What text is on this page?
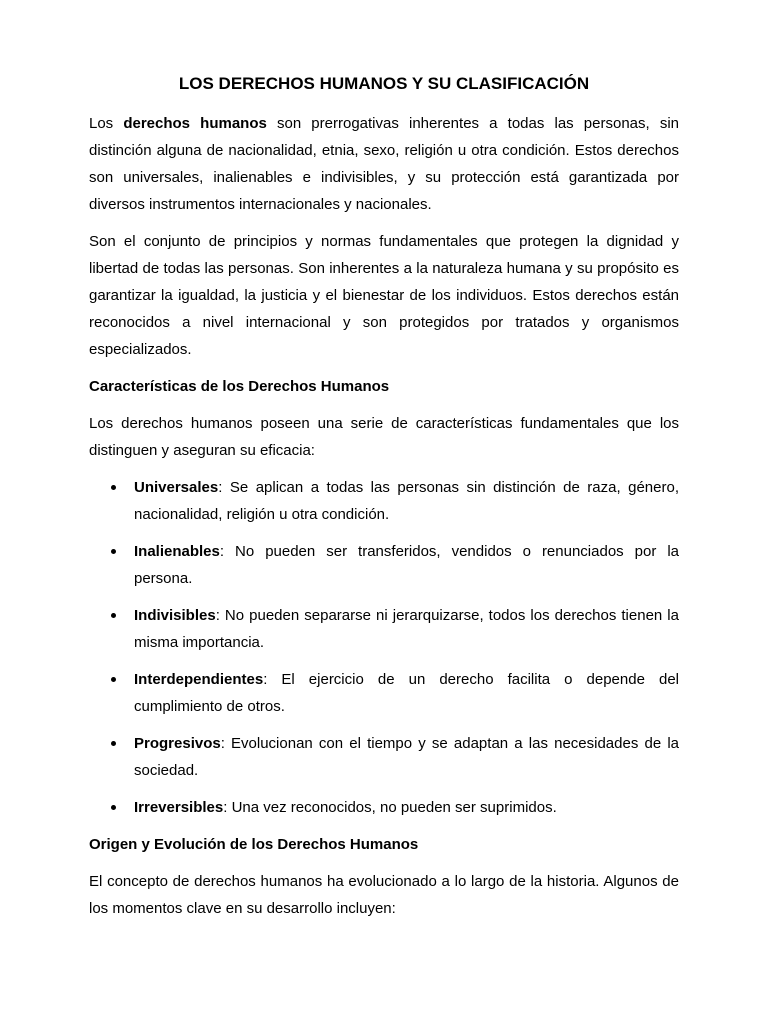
LOS DERECHOS HUMANOS Y SU CLASIFICACIÓN

Los derechos humanos son prerrogativas inherentes a todas las personas, sin distinción alguna de nacionalidad, etnia, sexo, religión u otra condición. Estos derechos son universales, inalienables e indivisibles, y su protección está garantizada por diversos instrumentos internacionales y nacionales.

Son el conjunto de principios y normas fundamentales que protegen la dignidad y libertad de todas las personas. Son inherentes a la naturaleza humana y su propósito es garantizar la igualdad, la justicia y el bienestar de los individuos. Estos derechos están reconocidos a nivel internacional y son protegidos por tratados y organismos especializados.

Características de los Derechos Humanos

Los derechos humanos poseen una serie de características fundamentales que los distinguen y aseguran su eficacia:

Universales: Se aplican a todas las personas sin distinción de raza, género, nacionalidad, religión u otra condición.
Inalienables: No pueden ser transferidos, vendidos o renunciados por la persona.
Indivisibles: No pueden separarse ni jerarquizarse, todos los derechos tienen la misma importancia.
Interdependientes: El ejercicio de un derecho facilita o depende del cumplimiento de otros.
Progresivos: Evolucionan con el tiempo y se adaptan a las necesidades de la sociedad.
Irreversibles: Una vez reconocidos, no pueden ser suprimidos.
Origen y Evolución de los Derechos Humanos

El concepto de derechos humanos ha evolucionado a lo largo de la historia. Algunos de los momentos clave en su desarrollo incluyen:
